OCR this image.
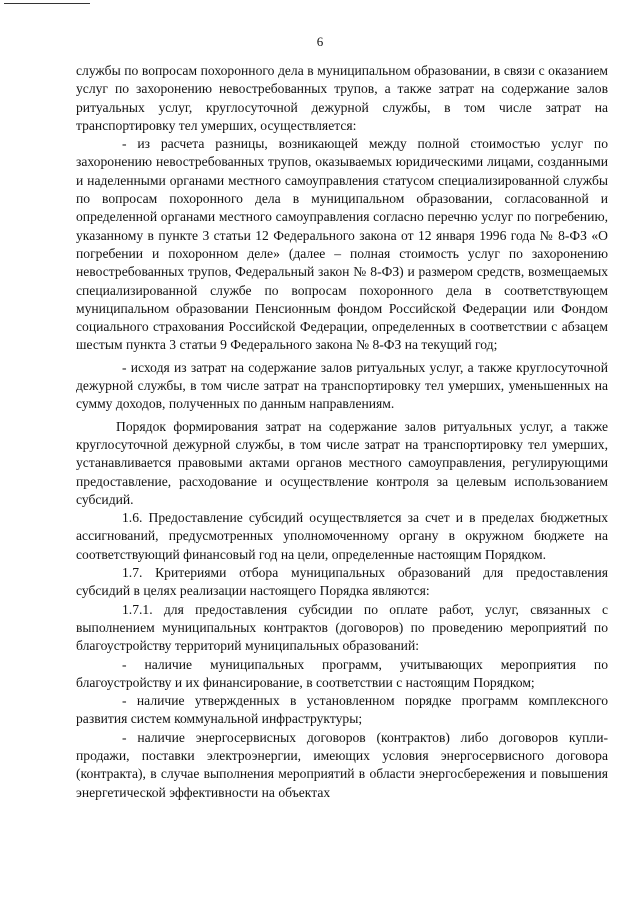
6

службы по вопросам похоронного дела в муниципальном образовании, в связи с оказанием услуг по захоронению невостребованных трупов, а также затрат на содержание залов ритуальных услуг, круглосуточной дежурной службы, в том числе затрат на транспортировку тел умерших, осуществляется:

- из расчета разницы, возникающей между полной стоимостью услуг по захоронению невостребованных трупов, оказываемых юридическими лицами, созданными и наделенными органами местного самоуправления статусом специализированной службы по вопросам похоронного дела в муниципальном образовании, согласованной и определенной органами местного самоуправления согласно перечню услуг по погребению, указанному в пункте 3 статьи 12 Федерального закона от 12 января 1996 года № 8-ФЗ «О погребении и похоронном деле» (далее – полная стоимость услуг по захоронению невостребованных трупов, Федеральный закон № 8-ФЗ) и размером средств, возмещаемых специализированной службе по вопросам похоронного дела в соответствующем муниципальном образовании Пенсионным фондом Российской Федерации или Фондом социального страхования Российской Федерации, определенных в соответствии с абзацем шестым пункта 3 статьи 9 Федерального закона № 8-ФЗ на текущий год;

- исходя из затрат на содержание залов ритуальных услуг, а также круглосуточной дежурной службы, в том числе затрат на транспортировку тел умерших, уменьшенных на сумму доходов, полученных по данным направлениям.

Порядок формирования затрат на содержание залов ритуальных услуг, а также круглосуточной дежурной службы, в том числе затрат на транспортировку тел умерших, устанавливается правовыми актами органов местного самоуправления, регулирующими предоставление, расходование и осуществление контроля за целевым использованием субсидий.

1.6. Предоставление субсидий осуществляется за счет и в пределах бюджетных ассигнований, предусмотренных уполномоченному органу в окружном бюджете на соответствующий финансовый год на цели, определенные настоящим Порядком.

1.7. Критериями отбора муниципальных образований для предоставления субсидий в целях реализации настоящего Порядка являются:

1.7.1. для предоставления субсидии по оплате работ, услуг, связанных с выполнением муниципальных контрактов (договоров) по проведению мероприятий по благоустройству территорий муниципальных образований:

- наличие муниципальных программ, учитывающих мероприятия по благоустройству и их финансирование, в соответствии с настоящим Порядком;

- наличие утвержденных в установленном порядке программ комплексного развития систем коммунальной инфраструктуры;

- наличие энергосервисных договоров (контрактов) либо договоров купли-продажи, поставки электроэнергии, имеющих условия энергосервисного договора (контракта), в случае выполнения мероприятий в области энергосбережения и повышения энергетической эффективности на объектах
